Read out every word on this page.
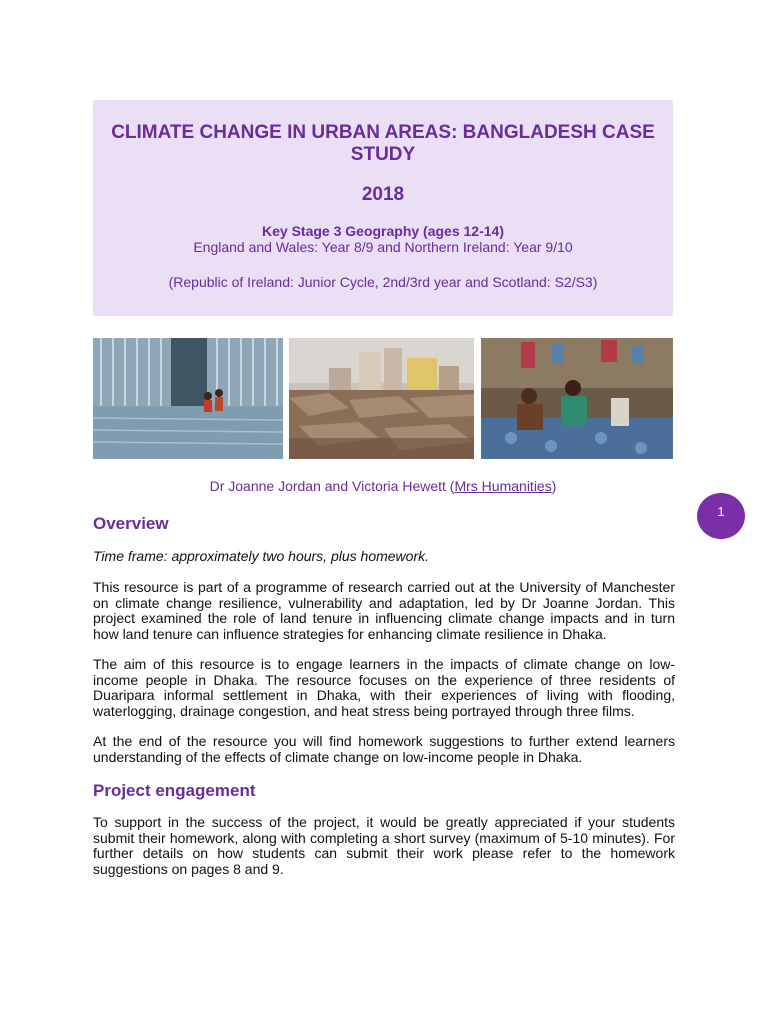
CLIMATE CHANGE IN URBAN AREAS: BANGLADESH CASE STUDY
2018
Key Stage 3 Geography (ages 12-14)
England and Wales: Year 8/9 and Northern Ireland: Year 9/10
(Republic of Ireland: Junior Cycle, 2nd/3rd year and Scotland: S2/S3)
Dr Joanne Jordan and Victoria Hewett (Mrs Humanities)
1
Overview
Time frame: approximately two hours, plus homework.
This resource is part of a programme of research carried out at the University of Manchester on climate change resilience, vulnerability and adaptation, led by Dr Joanne Jordan. This project examined the role of land tenure in influencing climate change impacts and in turn how land tenure can influence strategies for enhancing climate resilience in Dhaka.
The aim of this resource is to engage learners in the impacts of climate change on low-income people in Dhaka. The resource focuses on the experience of three residents of Duaripara informal settlement in Dhaka, with their experiences of living with flooding, waterlogging, drainage congestion, and heat stress being portrayed through three films.
At the end of the resource you will find homework suggestions to further extend learners understanding of the effects of climate change on low-income people in Dhaka.
Project engagement
To support in the success of the project, it would be greatly appreciated if your students submit their homework, along with completing a short survey (maximum of 5-10 minutes). For further details on how students can submit their work please refer to the homework suggestions on pages 8 and 9.
